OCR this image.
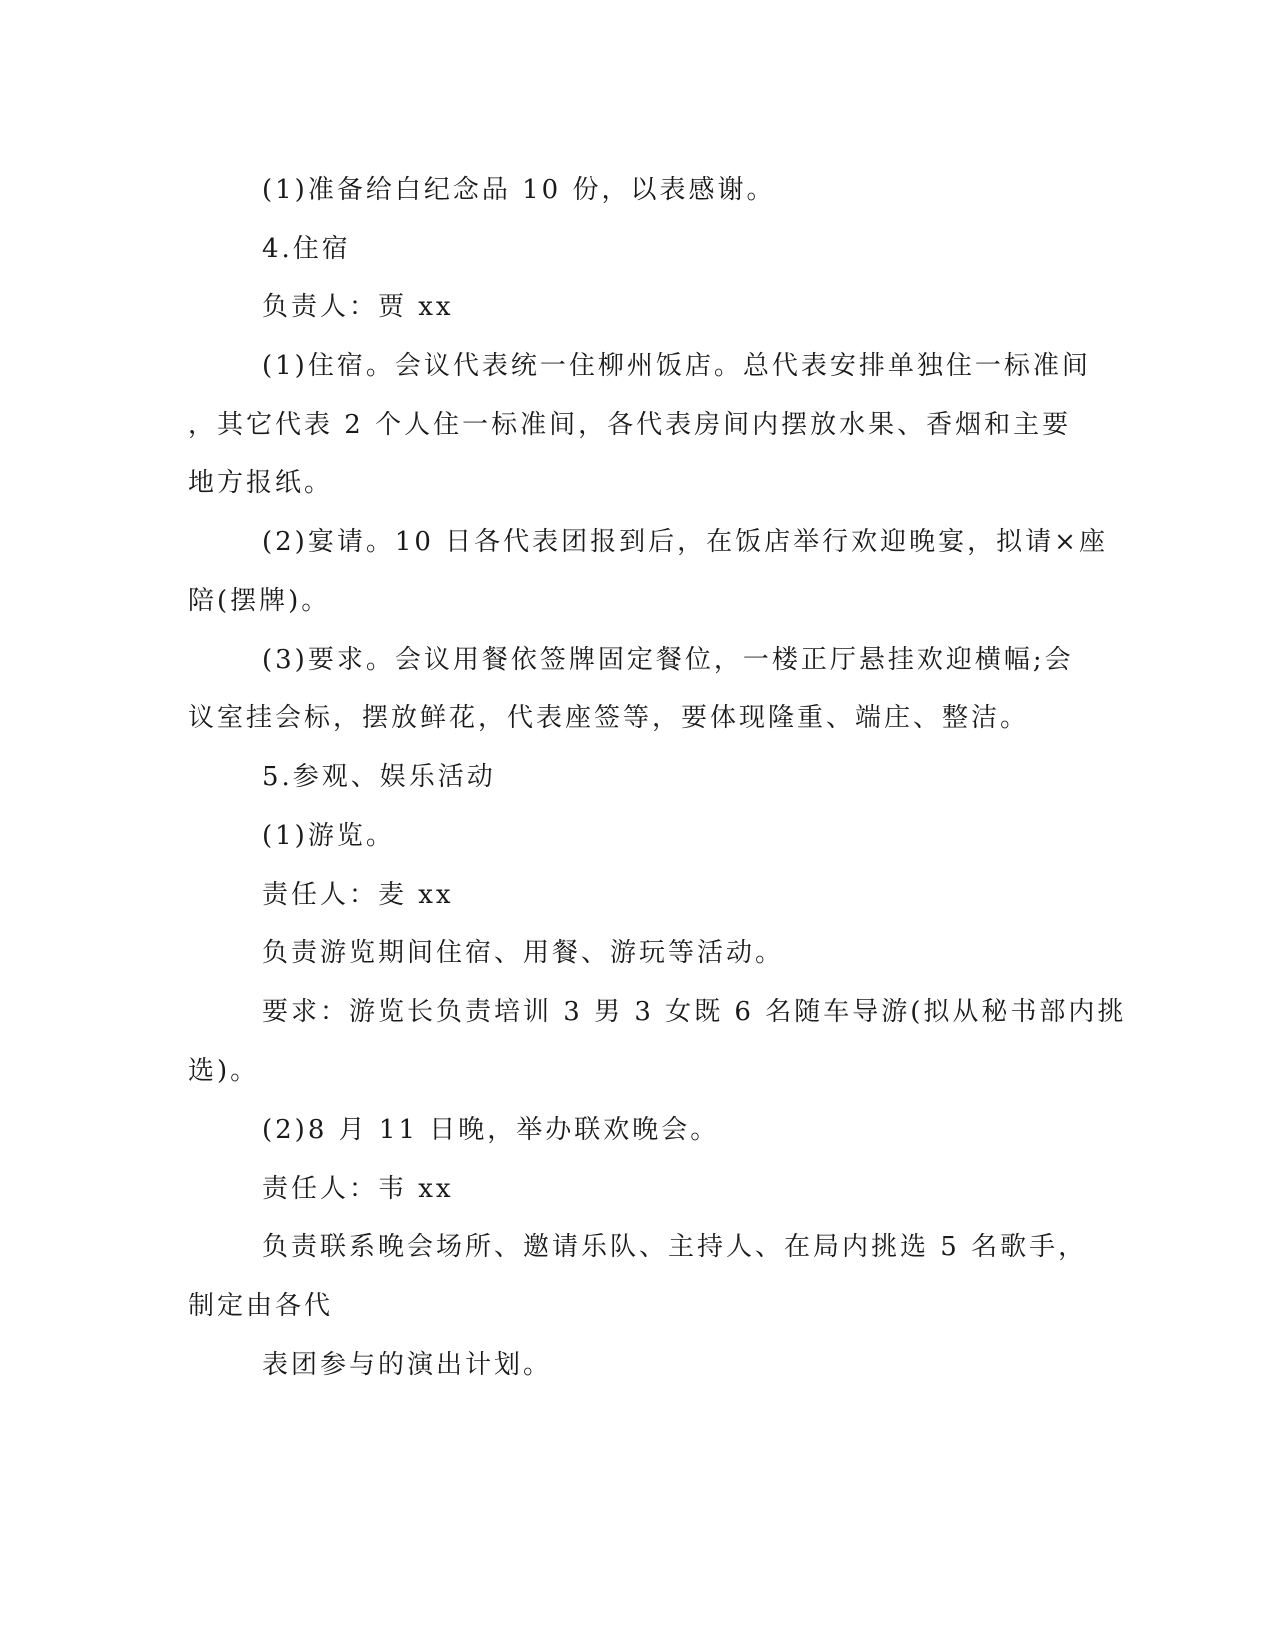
(1)准备给白纪念品 10 份，以表感谢。
4.住宿
负责人：贾 xx
(1)住宿。会议代表统一住柳州饭店。总代表安排单独住一标准间
，其它代表 2 个人住一标准间，各代表房间内摆放水果、香烟和主要
地方报纸。
(2)宴请。10 日各代表团报到后，在饭店举行欢迎晚宴，拟请×座
陪(摆牌)。
(3)要求。会议用餐依签牌固定餐位，一楼正厅悬挂欢迎横幅;会
议室挂会标，摆放鲜花，代表座签等，要体现隆重、端庄、整洁。
5.参观、娱乐活动
(1)游览。
责任人：麦 xx
负责游览期间住宿、用餐、游玩等活动。
要求：游览长负责培训 3 男 3 女既 6 名随车导游(拟从秘书部内挑
选)。
(2)8 月 11 日晚，举办联欢晚会。
责任人：韦 xx
负责联系晚会场所、邀请乐队、主持人、在局内挑选 5 名歌手，
制定由各代
表团参与的演出计划。
